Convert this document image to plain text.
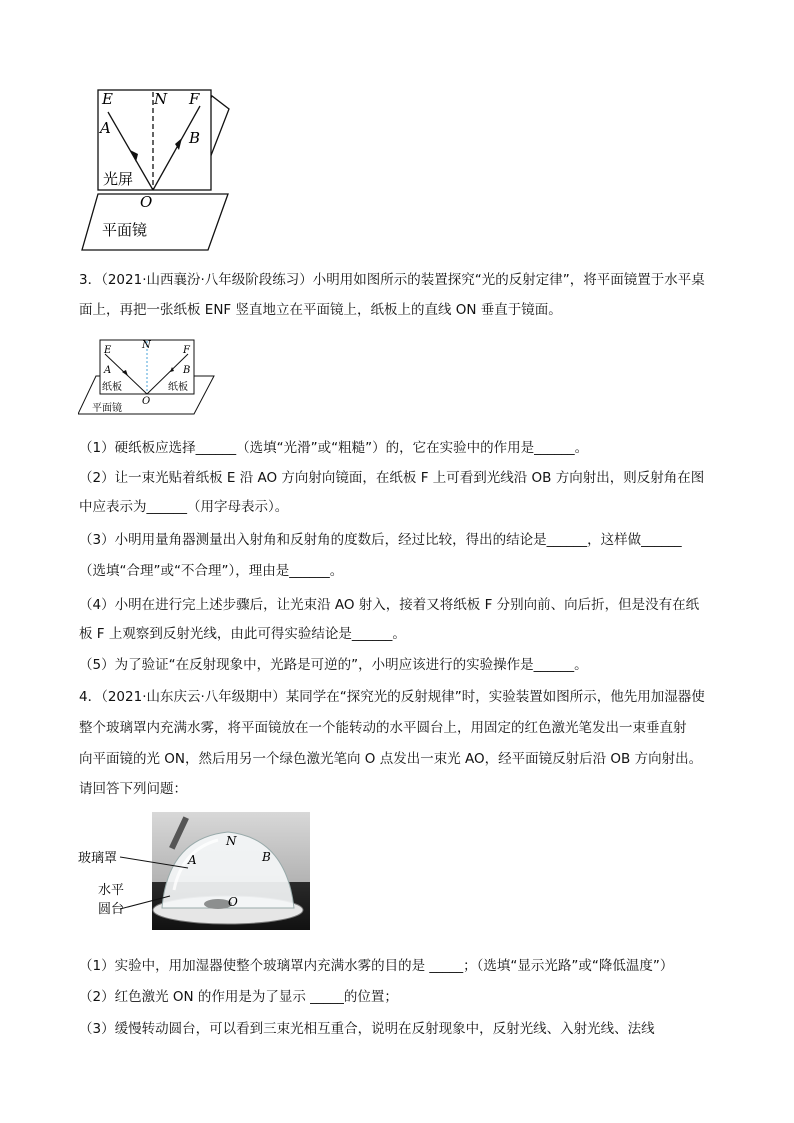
E	N F
A
B
O
光屏
平面镜
3．（2021·山西襄汾·八年级阶段练习）小明用如图所示的装置探究“光的反射定律”，将平面镜置于水平桌
面上，再把一张纸板 ENF 竖直地立在平面镜上，纸板上的直线 ON 垂直于镜面。
E	N	F
A	B
O
纸板	纸板
平面镜
（1）硬纸板应选择______（选填“光滑”或“粗糙”）的，它在实验中的作用是______。
（2）让一束光贴着纸板 E 沿 AO 方向射向镜面，在纸板 F 上可看到光线沿 OB 方向射出，则反射角在图
中应表示为______（用字母表示）。
（3）小明用量角器测量出入射角和反射角的度数后，经过比较，得出的结论是______，这样做______
（选填“合理”或“不合理”），理由是______。
（4）小明在进行完上述步骤后，让光束沿 AO 射入，接着又将纸板 F 分别向前、向后折，但是没有在纸
板 F 上观察到反射光线，由此可得实验结论是______。
（5）为了验证“在反射现象中，光路是可逆的”，小明应该进行的实验操作是______。
4．（2021·山东庆云·八年级期中）某同学在“探究光的反射规律”时，实验装置如图所示，他先用加湿器使
整个玻璃罩内充满水雾，将平面镜放在一个能转动的水平圆台上，用固定的红色激光笔发出一束垂直射
向平面镜的光 ON，然后用另一个绿色激光笔向 O 点发出一束光 AO，经平面镜反射后沿 OB 方向射出。
请回答下列问题：
N
A	B
O
玻璃罩
水平
圆台
（1）实验中，用加湿器使整个玻璃罩内充满水雾的目的是 _____；（选填“显示光路”或“降低温度”）
（2）红色激光 ON 的作用是为了显示 _____的位置；
（3）缓慢转动圆台，可以看到三束光相互重合，说明在反射现象中，反射光线、入射光线、法线
